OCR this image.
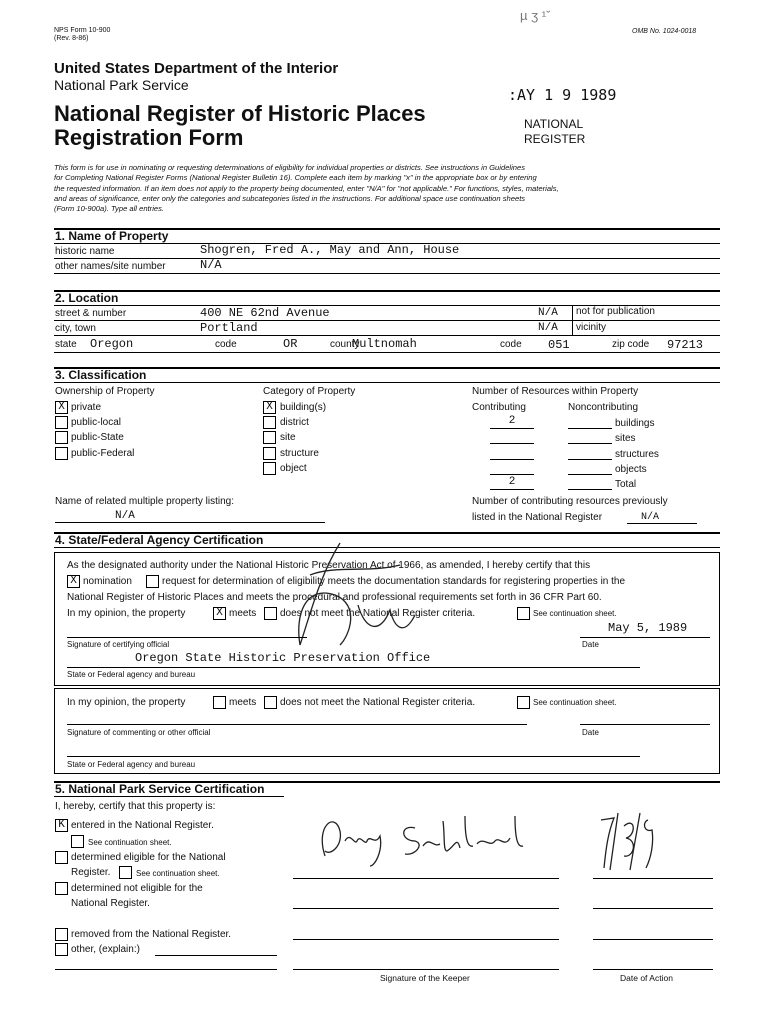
NPS Form 10-900
(Rev. 8-86)
µ ʒ ¹ˇ
OMB No. 1024-0018
United States Department of the Interior
National Park Service
National Register of Historic Places
Registration Form
:AY 1 9 1989
NATIONAL
REGISTER
This form is for use in nominating or requesting determinations of eligibility for individual properties or districts. See instructions in Guidelines
for Completing National Register Forms (National Register Bulletin 16). Complete each item by marking "x" in the appropriate box or by entering
the requested information. If an item does not apply to the property being documented, enter "N/A" for "not applicable." For functions, styles, materials,
and areas of significance, enter only the categories and subcategories listed in the instructions. For additional space use continuation sheets
(Form 10-900a). Type all entries.
1. Name of Property
historic name	Shogren, Fred A., May and Ann, House
other names/site number	N/A
2. Location
street & number	400 NE 62nd Avenue	N/A not for publication
city, town	Portland	N/A vicinity
state Oregon	code	OR	county
Multnomah	code 051	zip code 97213
3. Classification
Ownership of Property
X private
public-local
public-State
public-Federal
Category of Property
X building(s)
district
site
structure
object
Number of Resources within Property
Contributing	Noncontributing
2	buildings
sites
structures
objects
2	Total
Name of related multiple property listing:
N/A
Number of contributing resources previously
listed in the National Register	N/A
4. State/Federal Agency Certification
As the designated authority under the National Historic Preservation Act of 1966, as amended, I hereby certify that this
X nomination	request for determination of eligibility meets the documentation standards for registering properties in the
National Register of Historic Places and meets the procedural and professional requirements set forth in 36 CFR Part 60.
In my opinion, the property	X meets does not meet the National Register criteria.	See continuation sheet.
May 5, 1989
Signature of certifying official	Date
Oregon State Historic Preservation Office
State or Federal agency and bureau
In my opinion, the property	meets does not meet the National Register criteria.	See continuation sheet.
Signature of commenting or other official	Date
State or Federal agency and bureau
5. National Park Service Certification
I, hereby, certify that this property is:
K entered in the National Register.
See continuation sheet.
determined eligible for the National
Register.	See continuation sheet.
determined not eligible for the
National Register.
removed from the National Register.
other, (explain:)
Amy Schlagel
7/3/89
Signature of the Keeper	Date of Action
